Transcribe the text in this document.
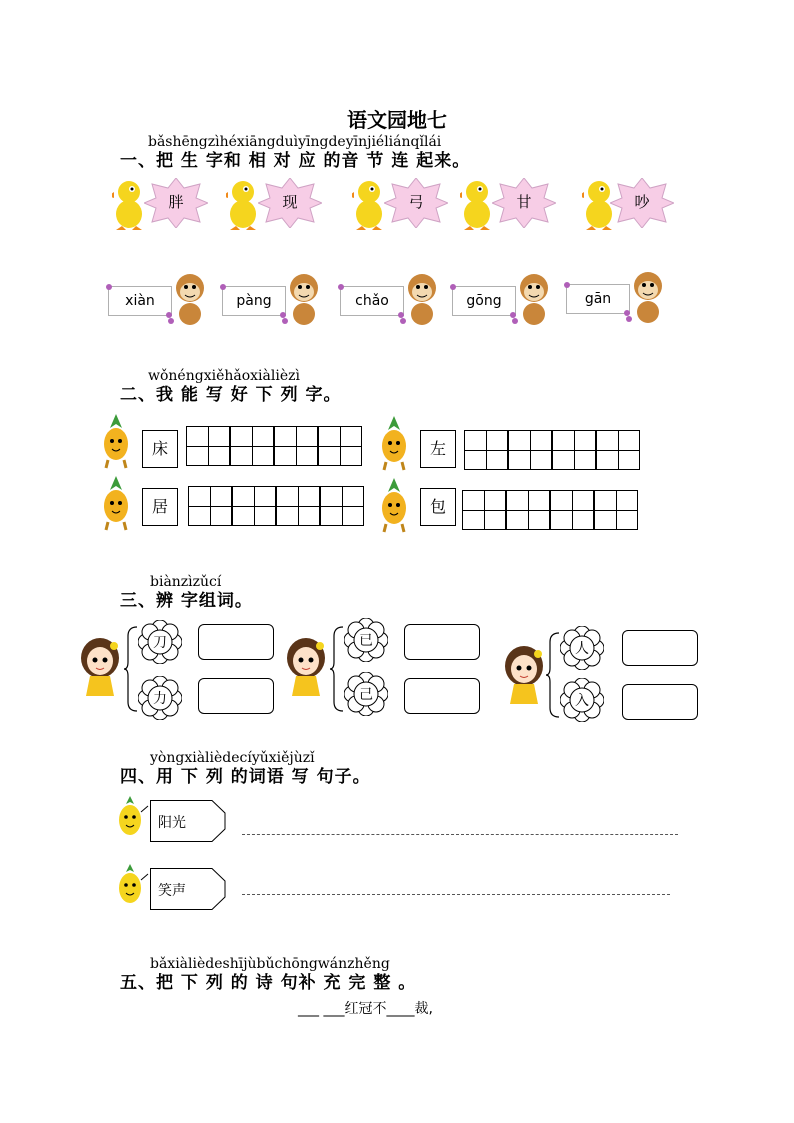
语文园地七
bǎshēngzìhéxiāngduìyīngdeyīnjiéliánqǐlái
一、把 生 字和 相 对 应 的音 节 连 起来。
胖	现	弓	甘	吵
xiàn	pàng	chǎo	gōng	gān
wǒnéngxiěhǎoxiàlièzì
二、我 能 写 好 下 列 字。
床	左
居	包
biànzìzǔcí
三、辨 字组词。
刀
力
已
己
人
入
yòngxiàlièdecíyǔxiějùzǐ
四、用 下 列 的词语 写 句子。
阳光
笑声
bǎxiàlièdeshījùbǔchōngwánzhěng
五、把 下 列 的 诗 句补 充 完 整 。
___ ___红冠不____裁,
